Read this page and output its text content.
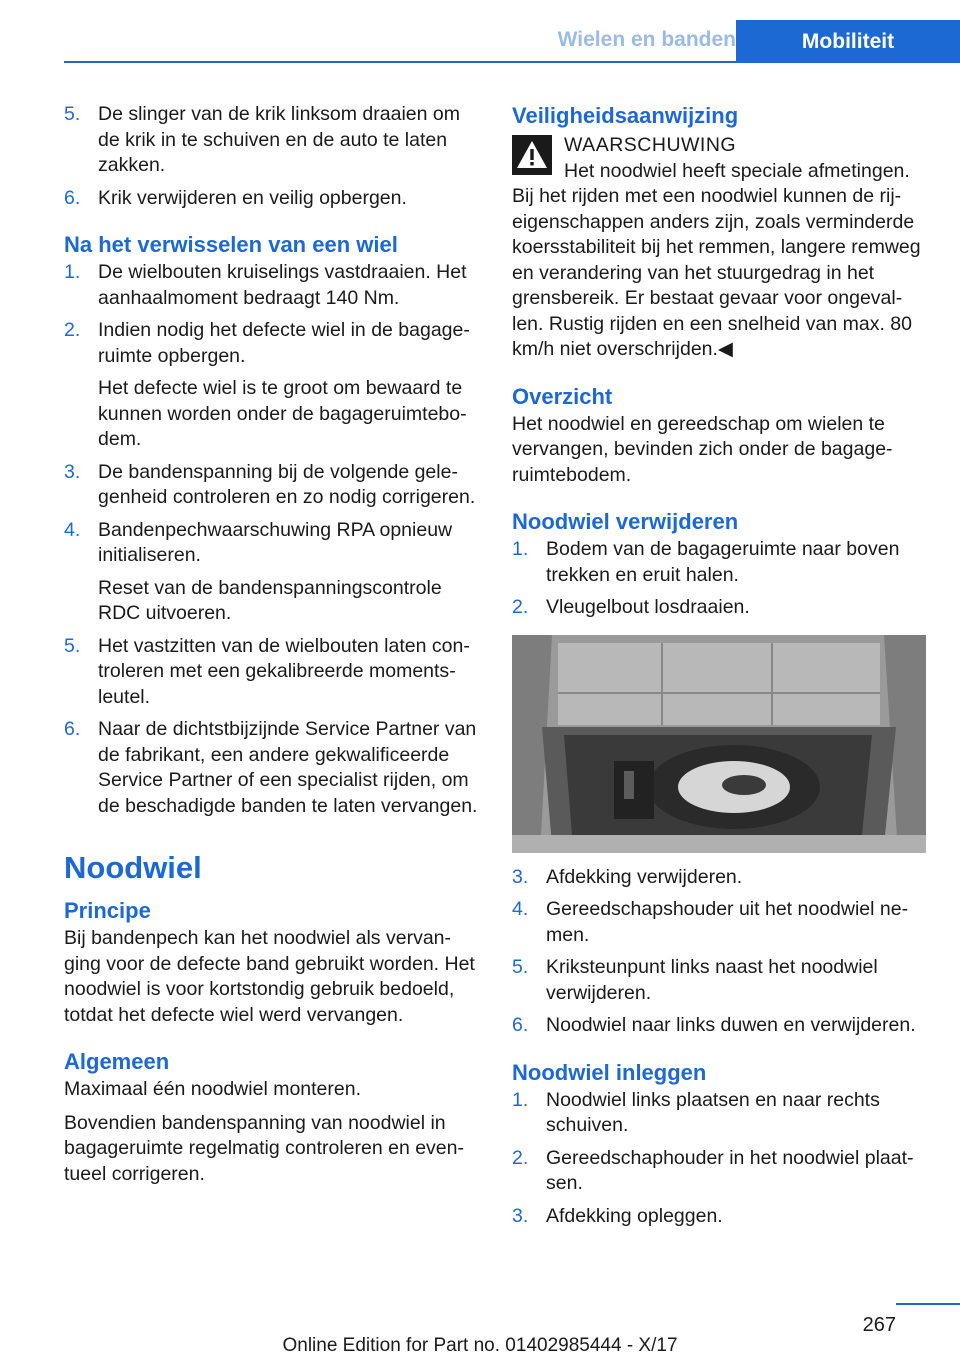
Wielen en banden	Mobiliteit
5. De slinger van de krik linksom draaien om de krik in te schuiven en de auto te laten zakken.
6. Krik verwijderen en veilig opbergen.
Na het verwisselen van een wiel
1. De wielbouten kruiselings vastdraaien. Het aanhaalmoment bedraagt 140 Nm.
2. Indien nodig het defecte wiel in de bagageruimte opbergen.
Het defecte wiel is te groot om bewaard te kunnen worden onder de bagageruimtebodem.
3. De bandenspanning bij de volgende gelegenheid controleren en zo nodig corrigeren.
4. Bandenpechwaarschuwing RPA opnieuw initialiseren.
Reset van de bandenspanningscontrole RDC uitvoeren.
5. Het vastzitten van de wielbouten laten controleren met een gekalibreerde momentsleutel.
6. Naar de dichtstbijzijnde Service Partner van de fabrikant, een andere gekwalificeerde Service Partner of een specialist rijden, om de beschadigde banden te laten vervangen.
Noodwiel
Principe

Bij bandenpech kan het noodwiel als vervanging voor de defecte band gebruikt worden. Het noodwiel is voor kortstondig gebruik bedoeld, totdat het defecte wiel werd vervangen.

Algemeen

Maximaal één noodwiel monteren.

Bovendien bandenspanning van noodwiel in bagageruimte regelmatig controleren en eventueel corrigeren.

Veiligheidsaanwijzing
WAARSCHUWING
Het noodwiel heeft speciale afmetingen.
Bij het rijden met een noodwiel kunnen de rijeigenschappen anders zijn, zoals verminderde koersstabiliteit bij het remmen, langere remweg en verandering van het stuurgedrag in het grensbereik. Er bestaat gevaar voor ongevallen. Rustig rijden en een snelheid van max. 80 km/h niet overschrijden.◀
Overzicht

Het noodwiel en gereedschap om wielen te vervangen, bevinden zich onder de bagageruimtebodem.

Noodwiel verwijderen
1. Bodem van de bagageruimte naar boven trekken en eruit halen.
2. Vleugelbout losdraaien.
3. Afdekking verwijderen.
4. Gereedschapshouder uit het noodwiel nemen.
5. Kriksteunpunt links naast het noodwiel verwijderen.
6. Noodwiel naar links duwen en verwijderen.
Noodwiel inleggen
1. Noodwiel links plaatsen en naar rechts schuiven.
2. Gereedschaphouder in het noodwiel plaatsen.
3. Afdekking opleggen.
267
Online Edition for Part no. 01402985444 - X/17
